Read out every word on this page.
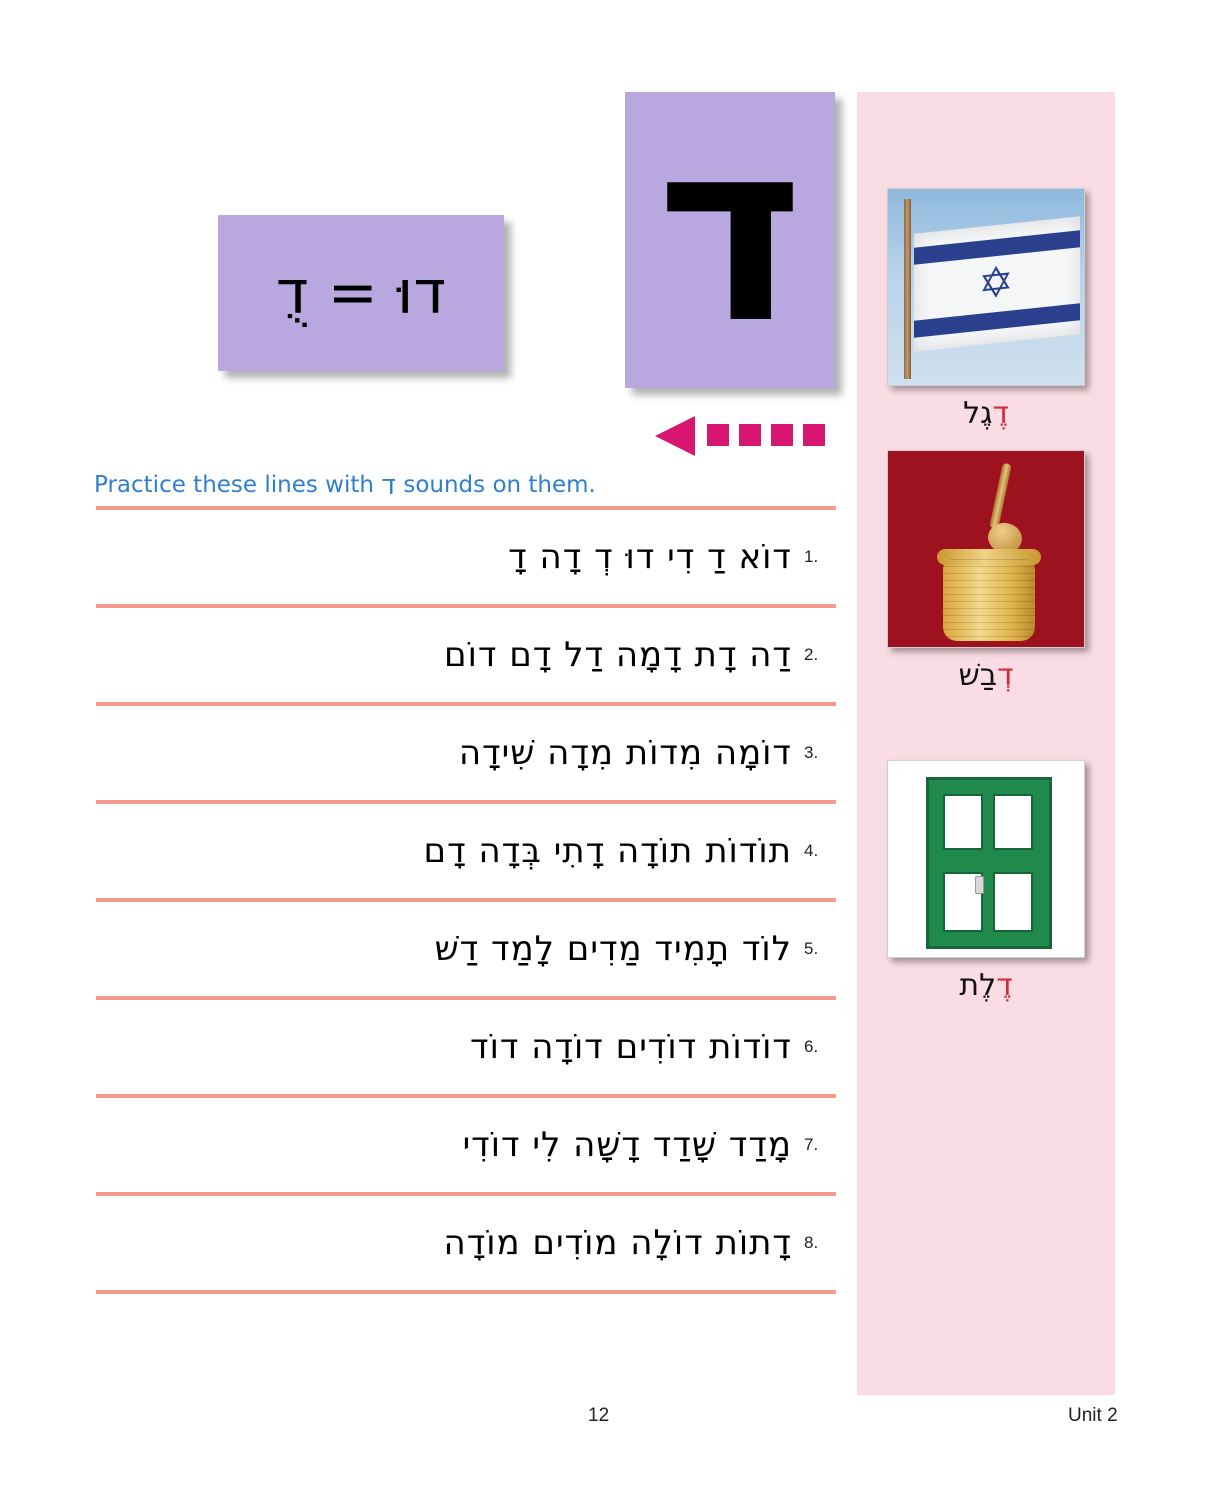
✡
דֶגֶל
דְבַשׁ
דֶלֶת
ד
דוּ = דֻ
Practice these lines with ד sounds on them.
1.
דוֹא דַ דִי דוּ דְ דָה דָ
2.
דַה דָת דָמָה דַל דָם דוֹם
3.
דוֹמָה מִדוֹת מִדָה שִׁידָה
4.
תוֹדוֹת תוֹדָה דָתִי בְּדָה דָם
5.
לוֹד תָמִיד מַדִים לָמַד דַשׁ
6.
דוֹדוֹת דוֹדִים דוֹדָה דוֹד
7.
מָדַד שָׁדַד דָשָׁה לִי דוֹדִי
8.
דָתוֹת דוֹלָה מוֹדִים מוֹדָה
12	Unit 2
